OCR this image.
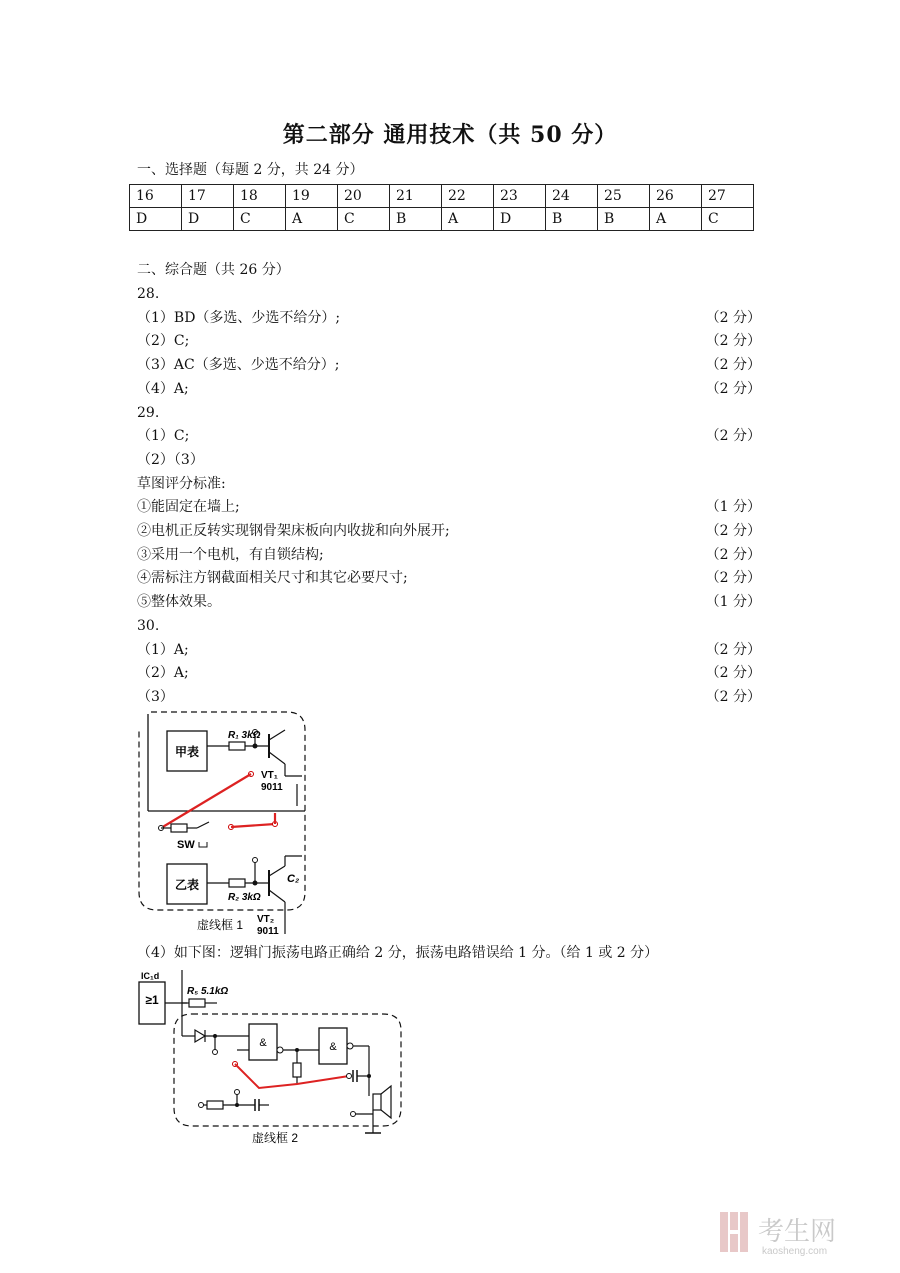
第二部分 通用技术（共 50 分）
一、选择题（每题 2 分，共 24 分）
16	17	18	19	20	21	22	23	24	25	26	27
D	D	C	A	C	B	A	D	B	B	A	C
二、综合题（共 26 分）
28.
（1）BD（多选、少选不给分）;	（2 分）
（2）C;	（2 分）
（3）AC（多选、少选不给分）;	（2 分）
（4）A;	（2 分）
29.
（1）C;	（2 分）
（2）（3）
草图评分标准:
①能固定在墙上;	（1 分）
②电机正反转实现钢骨架床板向内收拢和向外展开;	（2 分）
③采用一个电机，有自锁结构;	（2 分）
④需标注方钢截面相关尺寸和其它必要尺寸;	（2 分）
⑤整体效果。	（1 分）
30.
（1）A;	（2 分）
（2）A;	（2 分）
（3）	（2 分）
甲表
R₁ 3kΩ
VT₁
9011
SW
乙表
R₂ 3kΩ
C₂
VT₂
9011
虚线框 1
（4）如下图：逻辑门振荡电路正确给 2 分，振荡电路错误给 1 分。（给 1 或 2 分）
IC₁d
≥1
R₅ 5.1kΩ
&	&
虚线框 2
考生网
kaosheng.com
